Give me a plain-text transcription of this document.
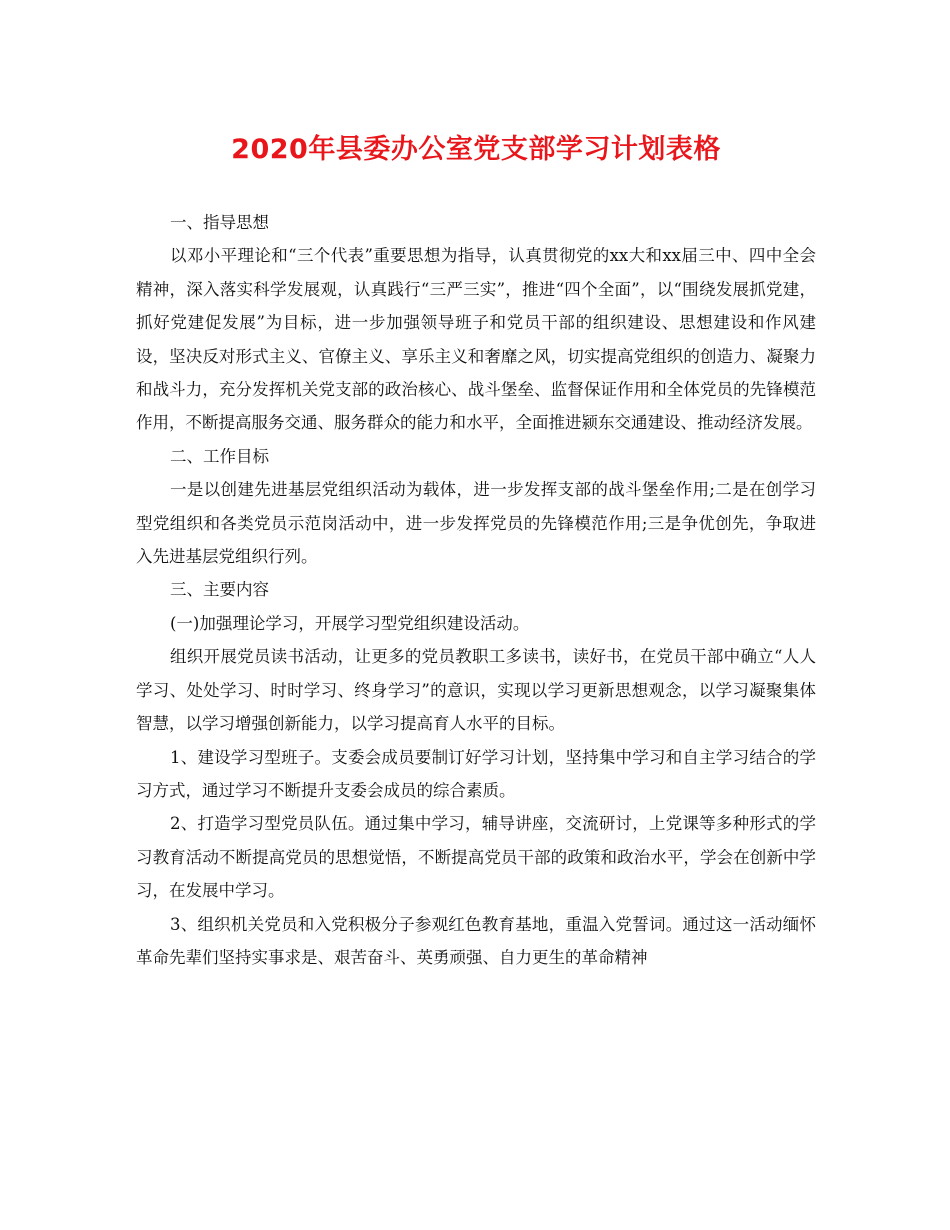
2020年县委办公室党支部学习计划表格

一、指导思想

以邓小平理论和“三个代表”重要思想为指导，认真贯彻党的xx大和xx届三中、四中全会精神，深入落实科学发展观，认真践行“三严三实”，推进“四个全面”，以“围绕发展抓党建，抓好党建促发展”为目标，进一步加强领导班子和党员干部的组织建设、思想建设和作风建设，坚决反对形式主义、官僚主义、享乐主义和奢靡之风，切实提高党组织的创造力、凝聚力和战斗力，充分发挥机关党支部的政治核心、战斗堡垒、监督保证作用和全体党员的先锋模范作用，不断提高服务交通、服务群众的能力和水平，全面推进颍东交通建设、推动经济发展。

二、工作目标

一是以创建先进基层党组织活动为载体，进一步发挥支部的战斗堡垒作用;二是在创学习型党组织和各类党员示范岗活动中，进一步发挥党员的先锋模范作用;三是争优创先，争取进入先进基层党组织行列。

三、主要内容

(一)加强理论学习，开展学习型党组织建设活动。

组织开展党员读书活动，让更多的党员教职工多读书，读好书，在党员干部中确立“人人学习、处处学习、时时学习、终身学习”的意识，实现以学习更新思想观念，以学习凝聚集体智慧，以学习增强创新能力，以学习提高育人水平的目标。

1、建设学习型班子。支委会成员要制订好学习计划，坚持集中学习和自主学习结合的学习方式，通过学习不断提升支委会成员的综合素质。

2、打造学习型党员队伍。通过集中学习，辅导讲座，交流研讨，上党课等多种形式的学习教育活动不断提高党员的思想觉悟，不断提高党员干部的政策和政治水平，学会在创新中学习，在发展中学习。

3、组织机关党员和入党积极分子参观红色教育基地，重温入党誓词。通过这一活动缅怀革命先辈们坚持实事求是、艰苦奋斗、英勇顽强、自力更生的革命精神
